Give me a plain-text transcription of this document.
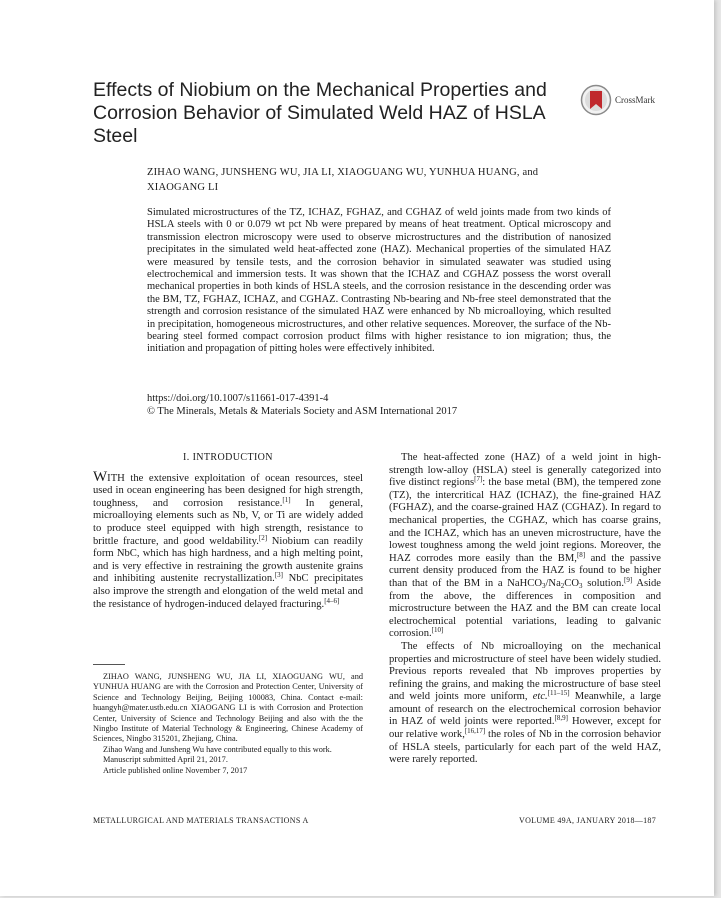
Effects of Niobium on the Mechanical Properties and Corrosion Behavior of Simulated Weld HAZ of HSLA Steel
CrossMark
ZIHAO WANG, JUNSHENG WU, JIA LI, XIAOGUANG WU, YUNHUA HUANG, and XIAOGANG LI

Simulated microstructures of the TZ, ICHAZ, FGHAZ, and CGHAZ of weld joints made from two kinds of HSLA steels with 0 or 0.079 wt pct Nb were prepared by means of heat treatment. Optical microscopy and transmission electron microscopy were used to observe microstructures and the distribution of nanosized precipitates in the simulated weld heat-affected zone (HAZ). Mechanical properties of the simulated HAZ were measured by tensile tests, and the corrosion behavior in simulated seawater was studied using electrochemical and immersion tests. It was shown that the ICHAZ and CGHAZ possess the worst overall mechanical properties in both kinds of HSLA steels, and the corrosion resistance in the descending order was the BM, TZ, FGHAZ, ICHAZ, and CGHAZ. Contrasting Nb-bearing and Nb-free steel demonstrated that the strength and corrosion resistance of the simulated HAZ were enhanced by Nb microalloying, which resulted in precipitation, homogeneous microstructures, and other relative sequences. Moreover, the surface of the Nb-bearing steel formed compact corrosion product films with higher resistance to ion migration; thus, the initiation and propagation of pitting holes were effectively inhibited.

https://doi.org/10.1007/s11661-017-4391-4
© The Minerals, Metals & Materials Society and ASM International 2017
I. INTRODUCTION

WITH the extensive exploitation of ocean resources, steel used in ocean engineering has been designed for high strength, toughness, and corrosion resistance.[1] In general, microalloying elements such as Nb, V, or Ti are widely added to produce steel equipped with high strength, resistance to brittle fracture, and good weldability.[2] Niobium can readily form NbC, which has high hardness, and a high melting point, and is very effective in restraining the growth austenite grains and inhibiting austenite recrystallization.[3] NbC precipitates also improve the strength and elongation of the weld metal and the resistance of hydrogen-induced delayed fracturing.[4–6]

ZIHAO WANG, JUNSHENG WU, JIA LI, XIAOGUANG WU, and YUNHUA HUANG are with the Corrosion and Protection Center, University of Science and Technology Beijing, Beijing 100083, China. Contact e-mail: huangyh@mater.ustb.edu.cn XIAOGANG LI is with Corrosion and Protection Center, University of Science and Technology Beijing and also with the the Ningbo Institute of Material Technology & Engineering, Chinese Academy of Sciences, Ningbo 315201, Zhejiang, China.

Zihao Wang and Junsheng Wu have contributed equally to this work.

Manuscript submitted April 21, 2017.

Article published online November 7, 2017

The heat-affected zone (HAZ) of a weld joint in high-strength low-alloy (HSLA) steel is generally categorized into five distinct regions[7]: the base metal (BM), the tempered zone (TZ), the intercritical HAZ (ICHAZ), the fine-grained HAZ (FGHAZ), and the coarse-grained HAZ (CGHAZ). In regard to mechanical properties, the CGHAZ, which has coarse grains, and the ICHAZ, which has an uneven microstructure, have the lowest toughness among the weld joint regions. Moreover, the HAZ corrodes more easily than the BM,[8] and the passive current density produced from the HAZ is found to be higher than that of the BM in a $NaHCO_3/Na_2CO_3$ solution.[9] Aside from the above, the differences in composition and microstructure between the HAZ and the BM can create local electrochemical potential variations, leading to galvanic corrosion.[10]

The effects of Nb microalloying on the mechanical properties and microstructure of steel have been widely studied. Previous reports revealed that Nb improves properties by refining the grains, and making the microstructure of base steel and weld joints more uniform, etc.[11–15] Meanwhile, a large amount of research on the electrochemical corrosion behavior in HAZ of weld joints were reported.[8,9] However, except for our relative work,[16,17] the roles of Nb in the corrosion behavior of HSLA steels, particularly for each part of the weld HAZ, were rarely reported.

METALLURGICAL AND MATERIALS TRANSACTIONS A	VOLUME 49A, JANUARY 2018—187
